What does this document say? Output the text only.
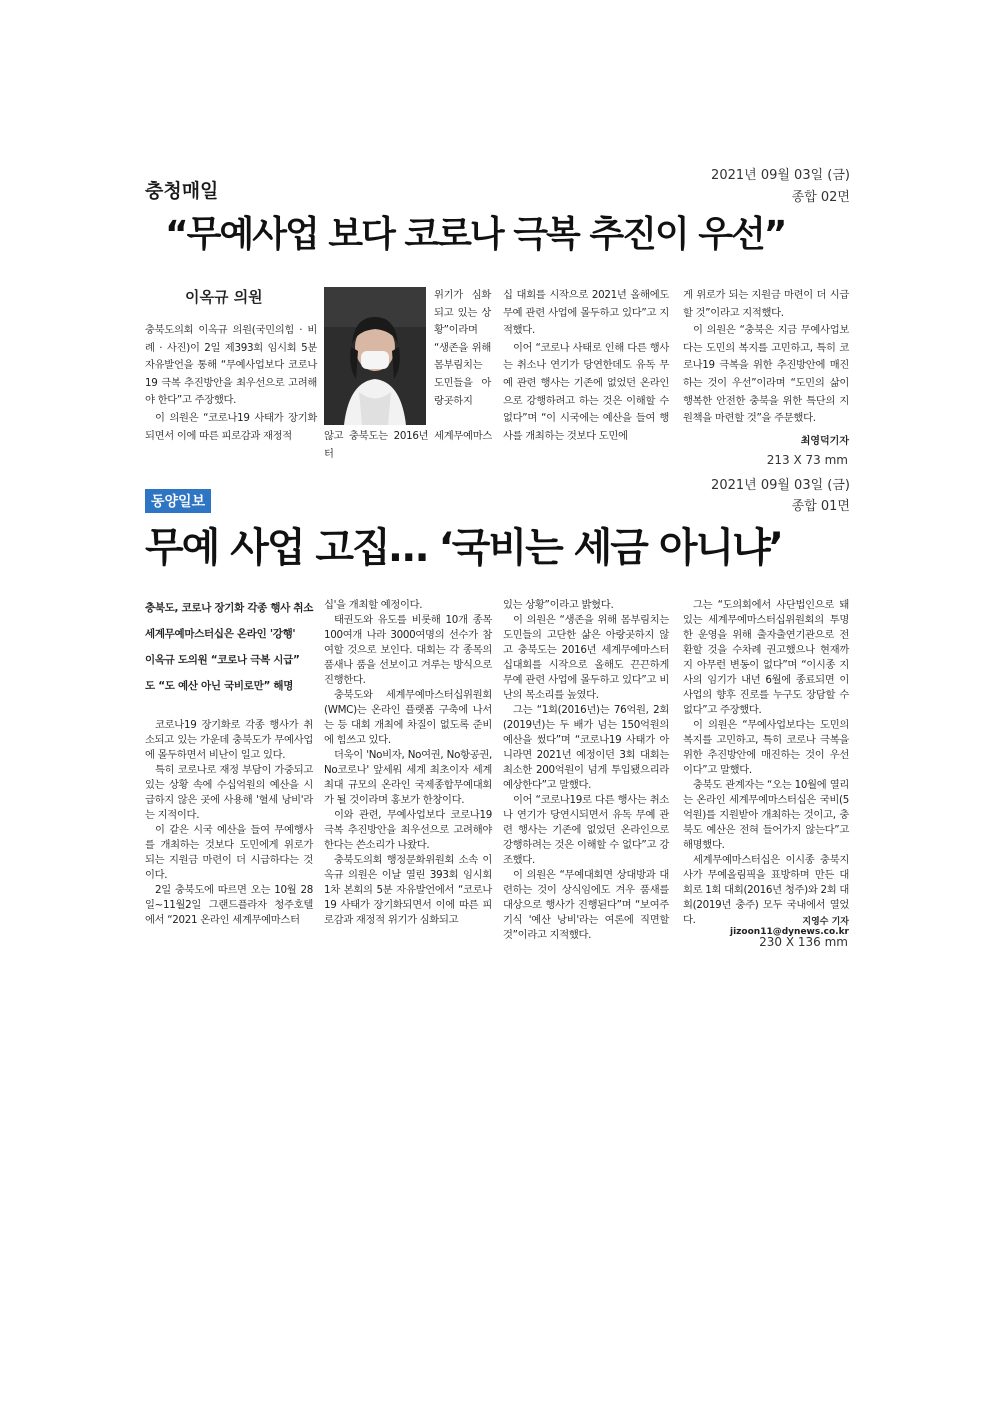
2021년 09월 03일 (금)
종합 02면
충청매일
“무예사업 보다 코로나 극복 추진이 우선”
이옥규 의원

충북도의회 이옥규 의원(국민의힘 · 비례 · 사진)이 2일 제393회 임시회 5분 자유발언을 통해 “무예사업보다 코로나19 극복 추진방안을 최우선으로 고려해야 한다”고 주장했다.

이 의원은 “코로나19 사태가 장기화되면서 이에 따른 피로감과 재정적

위기가 심화되고 있는 상황”이라며 “생존을 위해 몸부림치는 도민들을 아랑곳하지

않고 충북도는 2016년 세계무예마스터

십 대회를 시작으로 2021년 올해에도 무예 관련 사업에 몰두하고 있다”고 지적했다.

이어 “코로나 사태로 인해 다른 행사는 취소나 연기가 당연한데도 유독 무예 관련 행사는 기존에 없었던 온라인으로 강행하려고 하는 것은 이해할 수 없다”며 “이 시국에는 예산을 들여 행사를 개최하는 것보다 도민에

게 위로가 되는 지원금 마련이 더 시급할 것”이라고 지적했다.

이 의원은 “충북은 지금 무예사업보다는 도민의 복지를 고민하고, 특히 코로나19 극복을 위한 추진방안에 매진하는 것이 우선”이라며 “도민의 삶이 행복한 안전한 충북을 위한 특단의 지원책을 마련할 것”을 주문했다.

최영덕기자
213 X 73 mm
2021년 09월 03일 (금)
종합 01면
동양일보
무예 사업 고집… ‘국비는 세금 아니냐’
충북도, 코로나 장기화 각종 행사 취소
세계무예마스터십은 온라인 '강행'
이옥규 도의원 “코로나 극복 시급”
도 “도 예산 아닌 국비로만” 해명

코로나19 장기화로 각종 행사가 취소되고 있는 가운데 충북도가 무예사업에 몰두하면서 비난이 일고 있다.

특히 코로나로 재정 부담이 가중되고 있는 상황 속에 수십억원의 예산을 시급하지 않은 곳에 사용해 '혈세 낭비'라는 지적이다.

이 같은 시국 예산을 들여 무예행사를 개최하는 것보다 도민에게 위로가 되는 지원금 마련이 더 시급하다는 것이다.

2일 충북도에 따르면 오는 10월 28일~11월2일 그랜드플라자 청주호텔에서 “2021 온라인 세계무예마스터

십'을 개최할 예정이다.

태권도와 유도를 비롯해 10개 종목 100여개 나라 3000여명의 선수가 참여할 것으로 보인다. 대회는 각 종목의 품새나 품을 선보이고 겨루는 방식으로 진행한다.

충북도와 세계무예마스터십위원회(WMC)는 온라인 플랫폼 구축에 나서는 등 대회 개최에 차질이 없도록 준비에 힘쓰고 있다.

더욱이 'No비자, No여권, No항공권, No코로나' 앞세워 세계 최초이자 세계 최대 규모의 온라인 국제종합무예대회가 될 것이라며 홍보가 한창이다.

이와 관련, 무예사업보다 코로나19 극복 추진방안을 최우선으로 고려해야 한다는 쓴소리가 나왔다.

충북도의회 행정문화위원회 소속 이옥규 의원은 이날 열린 393회 임시회 1차 본회의 5분 자유발언에서 “코로나19 사태가 장기화되면서 이에 따른 피로감과 재정적 위기가 심화되고

있는 상황”이라고 밝혔다.

이 의원은 “생존을 위해 몸부림치는 도민들의 고단한 삶은 아랑곳하지 않고 충북도는 2016년 세계무예마스터십대회를 시작으로 올해도 끈끈하게 무예 관련 사업에 몰두하고 있다”고 비난의 목소리를 높였다.

그는 “1회(2016년)는 76억원, 2회(2019년)는 두 배가 넘는 150억원의 예산을 썼다”며 “코로나19 사태가 아니라면 2021년 예정이던 3회 대회는 최소한 200억원이 넘게 투입됐으리라 예상한다”고 말했다.

이어 “코로나19로 다른 행사는 취소나 연기가 당연시되면서 유독 무예 관련 행사는 기존에 없었던 온라인으로 강행하려는 것은 이해할 수 없다”고 강조했다.

이 의원은 “무예대회면 상대방과 대련하는 것이 상식임에도 겨우 품새를 대상으로 행사가 진행된다”며 “보여주기식 '예산 낭비'라는 여론에 직면할 것”이라고 지적했다.

그는 “도의회에서 사단법인으로 돼 있는 세계무예마스터십위원회의 투명한 운영을 위해 출자출연기관으로 전환할 것을 수차례 권고했으나 현재까지 아무런 변동이 없다”며 “이시종 지사의 임기가 내년 6월에 종료되면 이 사업의 향후 진로를 누구도 장담할 수 없다”고 주장했다.

이 의원은 “무예사업보다는 도민의 복지를 고민하고, 특히 코로나 극복을 위한 추진방안에 매진하는 것이 우선이다”고 말했다.

충북도 관계자는 “오는 10월에 열리는 온라인 세계무예마스터십은 국비(5억원)를 지원받아 개최하는 것이고, 충북도 예산은 전혀 들어가지 않는다”고 해명했다.

세계무예마스터십은 이시종 충북지사가 무예올림픽을 표방하며 만든 대회로 1회 대회(2016년 청주)와 2회 대회(2019년 충주) 모두 국내에서 열었다.	지영수 기자 jizoon11@dynews.co.kr
230 X 136 mm
